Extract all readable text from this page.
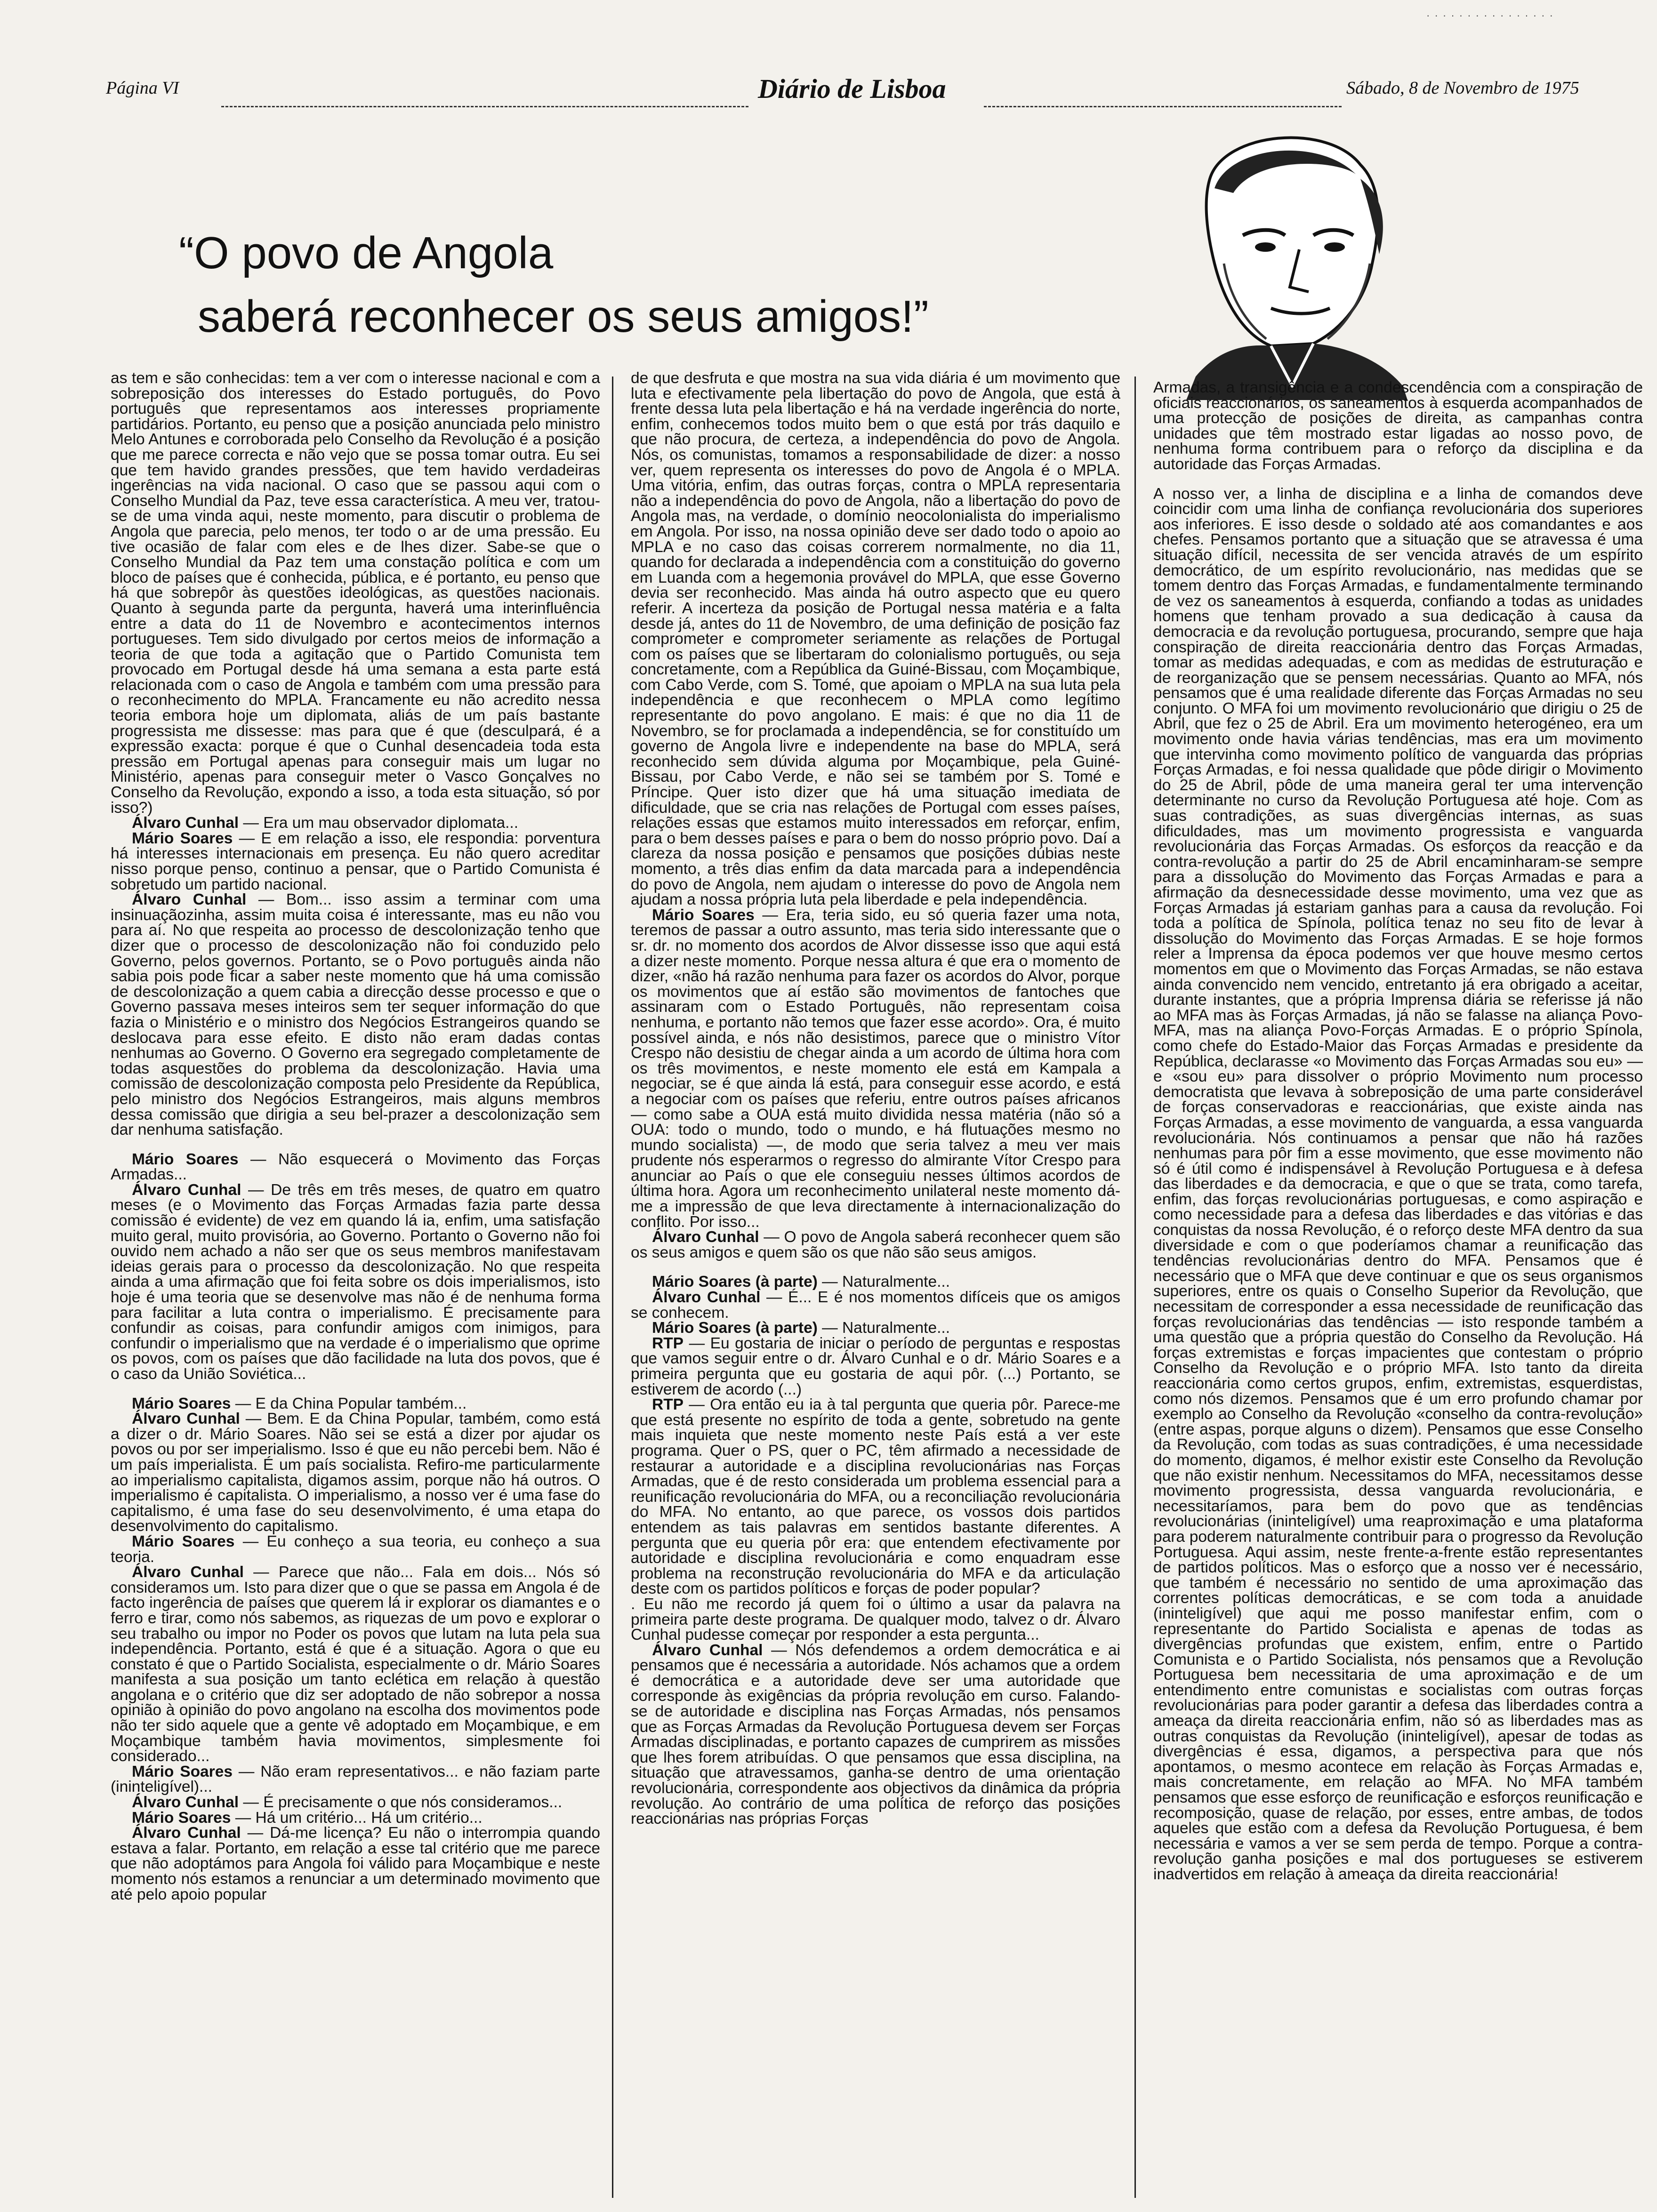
Página VI	Diário de Lisboa	Sábado, 8 de Novembro de 1975
· · · · · · · · · · · · · · · ·
“O povo de Angola
saberá reconhecer os seus amigos!”

as tem e são conhecidas: tem a ver com o interesse nacional e com a sobreposição dos interesses do Estado português, do Povo português que representamos aos interesses propriamente partidários. Portanto, eu penso que a posição anunciada pelo ministro Melo Antunes e corroborada pelo Conselho da Revolução é a posição que me parece correcta e não vejo que se possa tomar outra. Eu sei que tem havido grandes pressões, que tem havido verdadeiras ingerências na vida nacional. O caso que se passou aqui com o Conselho Mundial da Paz, teve essa característica. A meu ver, tratou-se de uma vinda aqui, neste momento, para discutir o problema de Angola que parecia, pelo menos, ter todo o ar de uma pressão. Eu tive ocasião de falar com eles e de lhes dizer. Sabe-se que o Conselho Mundial da Paz tem uma constação política e com um bloco de países que é conhecida, pública, e é portanto, eu penso que há que sobrepôr às questões ideológicas, as questões nacionais. Quanto à segunda parte da pergunta, haverá uma interinfluência entre a data do 11 de Novembro e acontecimentos internos portugueses. Tem sido divulgado por certos meios de informação a teoria de que toda a agitação que o Partido Comunista tem provocado em Portugal desde há uma semana a esta parte está relacionada com o caso de Angola e também com uma pressão para o reconhecimento do MPLA. Francamente eu não acredito nessa teoria embora hoje um diplomata, aliás de um país bastante progressista me dissesse: mas para que é que (desculpará, é a expressão exacta: porque é que o Cunhal desencadeia toda esta pressão em Portugal apenas para conseguir mais um lugar no Ministério, apenas para conseguir meter o Vasco Gonçalves no Conselho da Revolução, expondo a isso, a toda esta situação, só por isso?)

Álvaro Cunhal — Era um mau observador diplomata...

Mário Soares — E em relação a isso, ele respondia: porventura há interesses internacionais em presença. Eu não quero acreditar nisso porque penso, continuo a pensar, que o Partido Comunista é sobretudo um partido nacional.

Álvaro Cunhal — Bom... isso assim a terminar com uma insinuaçãozinha, assim muita coisa é interessante, mas eu não vou para aí. No que respeita ao processo de descolonização tenho que dizer que o processo de descolonização não foi conduzido pelo Governo, pelos governos. Portanto, se o Povo português ainda não sabia pois pode ficar a saber neste momento que há uma comissão de descolonização a quem cabia a direcção desse processo e que o Governo passava meses inteiros sem ter sequer informação do que fazia o Ministério e o ministro dos Negócios Estrangeiros quando se deslocava para esse efeito. E disto não eram dadas contas nenhumas ao Governo. O Governo era segregado completamente de todas asquestões do problema da descolonização. Havia uma comissão de descolonização composta pelo Presidente da República, pelo ministro dos Negócios Estrangeiros, mais alguns membros dessa comissão que dirigia a seu bel-prazer a descolonização sem dar nenhuma satisfação.

Mário Soares — Não esquecerá o Movimento das Forças Armadas...

Álvaro Cunhal — De três em três meses, de quatro em quatro meses (e o Movimento das Forças Armadas fazia parte dessa comissão é evidente) de vez em quando lá ia, enfim, uma satisfação muito geral, muito provisória, ao Governo. Portanto o Governo não foi ouvido nem achado a não ser que os seus membros manifestavam ideias gerais para o processo da descolonização. No que respeita ainda a uma afirmação que foi feita sobre os dois imperialismos, isto hoje é uma teoria que se desenvolve mas não é de nenhuma forma para facilitar a luta contra o imperialismo. É precisamente para confundir as coisas, para confundir amigos com inimigos, para confundir o imperialismo que na verdade é o imperialismo que oprime os povos, com os países que dão facilidade na luta dos povos, que é o caso da União Soviética...

Mário Soares — E da China Popular também...

Álvaro Cunhal — Bem. E da China Popular, também, como está a dizer o dr. Mário Soares. Não sei se está a dizer por ajudar os povos ou por ser imperialismo. Isso é que eu não percebi bem. Não é um país imperialista. É um país socialista. Refiro-me particularmente ao imperialismo capitalista, digamos assim, porque não há outros. O imperialismo é capitalista. O imperialismo, a nosso ver é uma fase do capitalismo, é uma fase do seu desenvolvimento, é uma etapa do desenvolvimento do capitalismo.

Mário Soares — Eu conheço a sua teoria, eu conheço a sua teoria.

Álvaro Cunhal — Parece que não... Fala em dois... Nós só consideramos um. Isto para dizer que o que se passa em Angola é de facto ingerência de países que querem lá ir explorar os diamantes e o ferro e tirar, como nós sabemos, as riquezas de um povo e explorar o seu trabalho ou impor no Poder os povos que lutam na luta pela sua independência. Portanto, está é que é a situação. Agora o que eu constato é que o Partido Socialista, especialmente o dr. Mário Soares manifesta a sua posição um tanto eclética em relação à questão angolana e o critério que diz ser adoptado de não sobrepor a nossa opinião à opinião do povo angolano na escolha dos movimentos pode não ter sido aquele que a gente vê adoptado em Moçambique, e em Moçambique também havia movimentos, simplesmente foi considerado...

Mário Soares — Não eram representativos... e não faziam parte (ininteligível)...

Álvaro Cunhal — É precisamente o que nós consideramos...

Mário Soares — Há um critério... Há um critério...

Álvaro Cunhal — Dá-me licença? Eu não o interrompia quando estava a falar. Portanto, em relação a esse tal critério que me parece que não adoptámos para Angola foi válido para Moçambique e neste momento nós estamos a renunciar a um determinado movimento que até pelo apoio popular

de que desfruta e que mostra na sua vida diária é um movimento que luta e efectivamente pela libertação do povo de Angola, que está à frente dessa luta pela libertação e há na verdade ingerência do norte, enfim, conhecemos todos muito bem o que está por trás daquilo e que não procura, de certeza, a independência do povo de Angola. Nós, os comunistas, tomamos a responsabilidade de dizer: a nosso ver, quem representa os interesses do povo de Angola é o MPLA. Uma vitória, enfim, das outras forças, contra o MPLA representaria não a independência do povo de Angola, não a libertação do povo de Angola mas, na verdade, o domínio neocolonialista do imperialismo em Angola. Por isso, na nossa opinião deve ser dado todo o apoio ao MPLA e no caso das coisas correrem normalmente, no dia 11, quando for declarada a independência com a constituição do governo em Luanda com a hegemonia provável do MPLA, que esse Governo devia ser reconhecido. Mas ainda há outro aspecto que eu quero referir. A incerteza da posição de Portugal nessa matéria e a falta desde já, antes do 11 de Novembro, de uma definição de posição faz comprometer e comprometer seriamente as relações de Portugal com os países que se libertaram do colonialismo português, ou seja concretamente, com a República da Guiné-Bissau, com Moçambique, com Cabo Verde, com S. Tomé, que apoiam o MPLA na sua luta pela independência e que reconhecem o MPLA como legítimo representante do povo angolano. E mais: é que no dia 11 de Novembro, se for proclamada a independência, se for constituído um governo de Angola livre e independente na base do MPLA, será reconhecido sem dúvida alguma por Moçambique, pela Guiné-Bissau, por Cabo Verde, e não sei se também por S. Tomé e Príncipe. Quer isto dizer que há uma situação imediata de dificuldade, que se cria nas relações de Portugal com esses países, relações essas que estamos muito interessados em reforçar, enfim, para o bem desses países e para o bem do nosso próprio povo. Daí a clareza da nossa posição e pensamos que posições dúbias neste momento, a três dias enfim da data marcada para a independência do povo de Angola, nem ajudam o interesse do povo de Angola nem ajudam a nossa própria luta pela liberdade e pela independência.

Mário Soares — Era, teria sido, eu só queria fazer uma nota, teremos de passar a outro assunto, mas teria sido interessante que o sr. dr. no momento dos acordos de Alvor dissesse isso que aqui está a dizer neste momento. Porque nessa altura é que era o momento de dizer, «não há razão nenhuma para fazer os acordos do Alvor, porque os movimentos que aí estão são movimentos de fantoches que assinaram com o Estado Português, não representam coisa nenhuma, e portanto não temos que fazer esse acordo». Ora, é muito possível ainda, e nós não desistimos, parece que o ministro Vítor Crespo não desistiu de chegar ainda a um acordo de última hora com os três movimentos, e neste momento ele está em Kampala a negociar, se é que ainda lá está, para conseguir esse acordo, e está a negociar com os países que referiu, entre outros países africanos — como sabe a OUA está muito dividida nessa matéria (não só a OUA: todo o mundo, todo o mundo, e há flutuações mesmo no mundo socialista) —, de modo que seria talvez a meu ver mais prudente nós esperarmos o regresso do almirante Vítor Crespo para anunciar ao País o que ele conseguiu nesses últimos acordos de última hora. Agora um reconhecimento unilateral neste momento dá-me a impressão de que leva directamente à internacionalização do conflito. Por isso...

Álvaro Cunhal — O povo de Angola saberá reconhecer quem são os seus amigos e quem são os que não são seus amigos.

Mário Soares (à parte) — Naturalmente...

Álvaro Cunhal — É... E é nos momentos difíceis que os amigos se conhecem.

Mário Soares (à parte) — Naturalmente...

RTP — Eu gostaria de iniciar o período de perguntas e respostas que vamos seguir entre o dr. Álvaro Cunhal e o dr. Mário Soares e a primeira pergunta que eu gostaria de aqui pôr. (...) Portanto, se estiverem de acordo (...)

RTP — Ora então eu ia à tal pergunta que queria pôr. Parece-me que está presente no espírito de toda a gente, sobretudo na gente mais inquieta que neste momento neste País está a ver este programa. Quer o PS, quer o PC, têm afirmado a necessidade de restaurar a autoridade e a disciplina revolucionárias nas Forças Armadas, que é de resto considerada um problema essencial para a reunificação revolucionária do MFA, ou a reconciliação revolucionária do MFA. No entanto, ao que parece, os vossos dois partidos entendem as tais palavras em sentidos bastante diferentes. A pergunta que eu queria pôr era: que entendem efectivamente por autoridade e disciplina revolucionária e como enquadram esse problema na reconstrução revolucionária do MFA e da articulação deste com os partidos políticos e forças de poder popular?

. Eu não me recordo já quem foi o último a usar da palavra na primeira parte deste programa. De qualquer modo, talvez o dr. Álvaro Cunhal pudesse começar por responder a esta pergunta...

Álvaro Cunhal — Nós defendemos a ordem democrática e ai pensamos que é necessária a autoridade. Nós achamos que a ordem é democrática e a autoridade deve ser uma autoridade que corresponde às exigências da própria revolução em curso. Falando-se de autoridade e disciplina nas Forças Armadas, nós pensamos que as Forças Armadas da Revolução Portuguesa devem ser Forças Armadas disciplinadas, e portanto capazes de cumprirem as missões que lhes forem atribuídas. O que pensamos que essa disciplina, na situação que atravessamos, ganha-se dentro de uma orientação revolucionária, correspondente aos objectivos da dinâmica da própria revolução. Ao contrário de uma política de reforço das posições reaccionárias nas próprias Forças

Armadas, a transigência e a condescendência com a conspiração de oficiais reaccionários, os saneamentos à esquerda acompanhados de uma protecção de posições de direita, as campanhas contra unidades que têm mostrado estar ligadas ao nosso povo, de nenhuma forma contribuem para o reforço da disciplina e da autoridade das Forças Armadas.

A nosso ver, a linha de disciplina e a linha de comandos deve coincidir com uma linha de confiança revolucionária dos superiores aos inferiores. E isso desde o soldado até aos comandantes e aos chefes. Pensamos portanto que a situação que se atravessa é uma situação difícil, necessita de ser vencida através de um espírito democrático, de um espírito revolucionário, nas medidas que se tomem dentro das Forças Armadas, e fundamentalmente terminando de vez os saneamentos à esquerda, confiando a todas as unidades homens que tenham provado a sua dedicação à causa da democracia e da revolução portuguesa, procurando, sempre que haja conspiração de direita reaccionária dentro das Forças Armadas, tomar as medidas adequadas, e com as medidas de estruturação e de reorganização que se pensem necessárias. Quanto ao MFA, nós pensamos que é uma realidade diferente das Forças Armadas no seu conjunto. O MFA foi um movimento revolucionário que dirigiu o 25 de Abril, que fez o 25 de Abril. Era um movimento heterogéneo, era um movimento onde havia várias tendências, mas era um movimento que intervinha como movimento político de vanguarda das próprias Forças Armadas, e foi nessa qualidade que pôde dirigir o Movimento do 25 de Abril, pôde de uma maneira geral ter uma intervenção determinante no curso da Revolução Portuguesa até hoje. Com as suas contradições, as suas divergências internas, as suas dificuldades, mas um movimento progressista e vanguarda revolucionária das Forças Armadas. Os esforços da reacção e da contra-revolução a partir do 25 de Abril encaminharam-se sempre para a dissolução do Movimento das Forças Armadas e para a afirmação da desnecessidade desse movimento, uma vez que as Forças Armadas já estariam ganhas para a causa da revolução. Foi toda a política de Spínola, política tenaz no seu fito de levar à dissolução do Movimento das Forças Armadas. E se hoje formos reler a Imprensa da época podemos ver que houve mesmo certos momentos em que o Movimento das Forças Armadas, se não estava ainda convencido nem vencido, entretanto já era obrigado a aceitar, durante instantes, que a própria Imprensa diária se referisse já não ao MFA mas às Forças Armadas, já não se falasse na aliança Povo-MFA, mas na aliança Povo-Forças Armadas. E o próprio Spínola, como chefe do Estado-Maior das Forças Armadas e presidente da República, declarasse «o Movimento das Forças Armadas sou eu» — e «sou eu» para dissolver o próprio Movimento num processo democratista que levava à sobreposição de uma parte considerável de forças conservadoras e reaccionárias, que existe ainda nas Forças Armadas, a esse movimento de vanguarda, a essa vanguarda revolucionária. Nós continuamos a pensar que não há razões nenhumas para pôr fim a esse movimento, que esse movimento não só é útil como é indispensável à Revolução Portuguesa e à defesa das liberdades e da democracia, e que o que se trata, como tarefa, enfim, das forças revolucionárias portuguesas, e como aspiração e como necessidade para a defesa das liberdades e das vitórias e das conquistas da nossa Revolução, é o reforço deste MFA dentro da sua diversidade e com o que poderíamos chamar a reunificação das tendências revolucionárias dentro do MFA. Pensamos que é necessário que o MFA que deve continuar e que os seus organismos superiores, entre os quais o Conselho Superior da Revolução, que necessitam de corresponder a essa necessidade de reunificação das forças revolucionárias das tendências — isto responde também a uma questão que a própria questão do Conselho da Revolução. Há forças extremistas e forças impacientes que contestam o próprio Conselho da Revolução e o próprio MFA. Isto tanto da direita reaccionária como certos grupos, enfim, extremistas, esquerdistas, como nós dizemos. Pensamos que é um erro profundo chamar por exemplo ao Conselho da Revolução «conselho da contra-revolução» (entre aspas, porque alguns o dizem). Pensamos que esse Conselho da Revolução, com todas as suas contradições, é uma necessidade do momento, digamos, é melhor existir este Conselho da Revolução que não existir nenhum. Necessitamos do MFA, necessitamos desse movimento progressista, dessa vanguarda revolucionária, e necessitaríamos, para bem do povo que as tendências revolucionárias (ininteligível) uma reaproximação e uma plataforma para poderem naturalmente contribuir para o progresso da Revolução Portuguesa. Aqui assim, neste frente-a-frente estão representantes de partidos políticos. Mas o esforço que a nosso ver é necessário, que também é necessário no sentido de uma aproximação das correntes políticas democráticas, e se com toda a anuidade (ininteligível) que aqui me posso manifestar enfim, com o representante do Partido Socialista e apenas de todas as divergências profundas que existem, enfim, entre o Partido Comunista e o Partido Socialista, nós pensamos que a Revolução Portuguesa bem necessitaria de uma aproximação e de um entendimento entre comunistas e socialistas com outras forças revolucionárias para poder garantir a defesa das liberdades contra a ameaça da direita reaccionária enfim, não só as liberdades mas as outras conquistas da Revolução (ininteligível), apesar de todas as divergências é essa, digamos, a perspectiva para que nós apontamos, o mesmo acontece em relação às Forças Armadas e, mais concretamente, em relação ao MFA. No MFA também pensamos que esse esforço de reunificação e esforços reunificação e recomposição, quase de relação, por esses, entre ambas, de todos aqueles que estão com a defesa da Revolução Portuguesa, é bem necessária e vamos a ver se sem perda de tempo. Porque a contra-revolução ganha posições e mal dos portugueses se estiverem inadvertidos em relação à ameaça da direita reaccionária!
